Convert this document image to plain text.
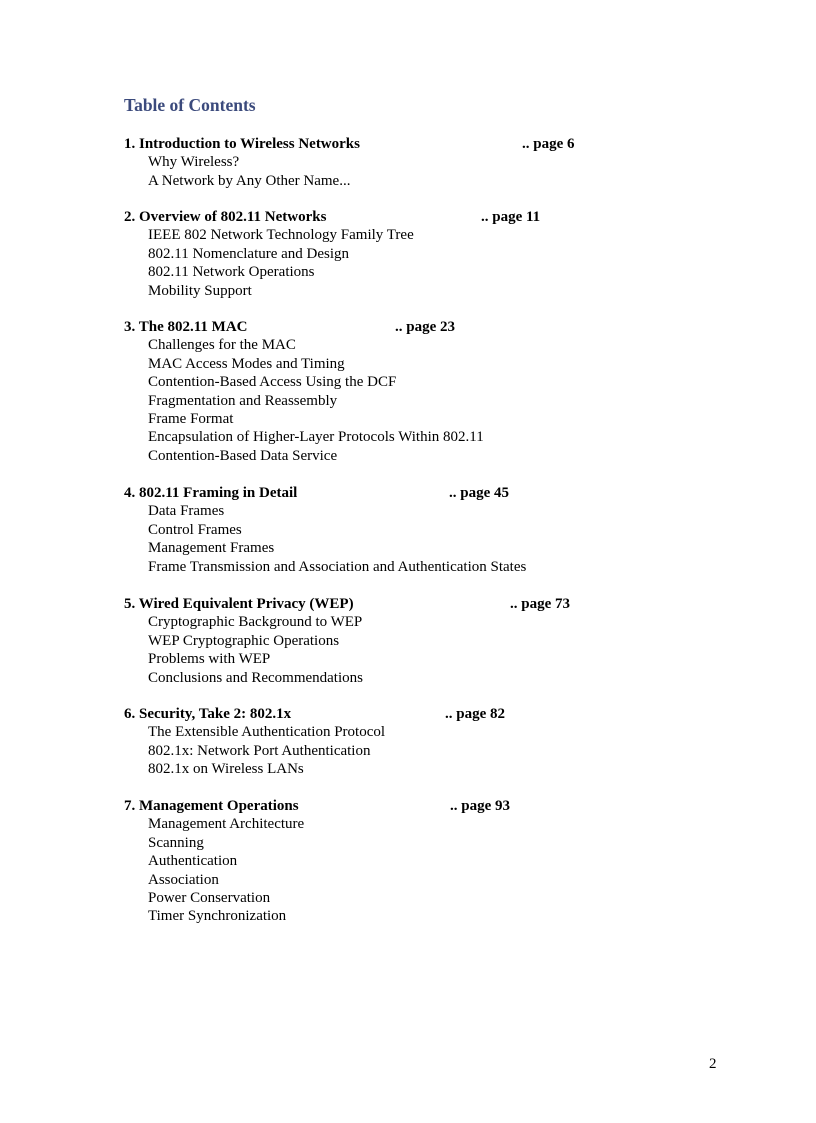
Table of Contents
1. Introduction to Wireless Networks	.. page 6
Why Wireless?
A Network by Any Other Name...
2. Overview of 802.11 Networks	.. page 11
IEEE 802 Network Technology Family Tree
802.11 Nomenclature and Design
802.11 Network Operations
Mobility Support
3. The 802.11 MAC	.. page 23
Challenges for the MAC
MAC Access Modes and Timing
Contention-Based Access Using the DCF
Fragmentation and Reassembly
Frame Format
Encapsulation of Higher-Layer Protocols Within 802.11
Contention-Based Data Service
4. 802.11 Framing in Detail	.. page 45
Data Frames
Control Frames
Management Frames
Frame Transmission and Association and Authentication States
5. Wired Equivalent Privacy (WEP)	.. page 73
Cryptographic Background to WEP
WEP Cryptographic Operations
Problems with WEP
Conclusions and Recommendations
6. Security, Take 2: 802.1x	.. page 82
The Extensible Authentication Protocol
802.1x: Network Port Authentication
802.1x on Wireless LANs
7. Management Operations	.. page 93
Management Architecture
Scanning
Authentication
Association
Power Conservation
Timer Synchronization
2
